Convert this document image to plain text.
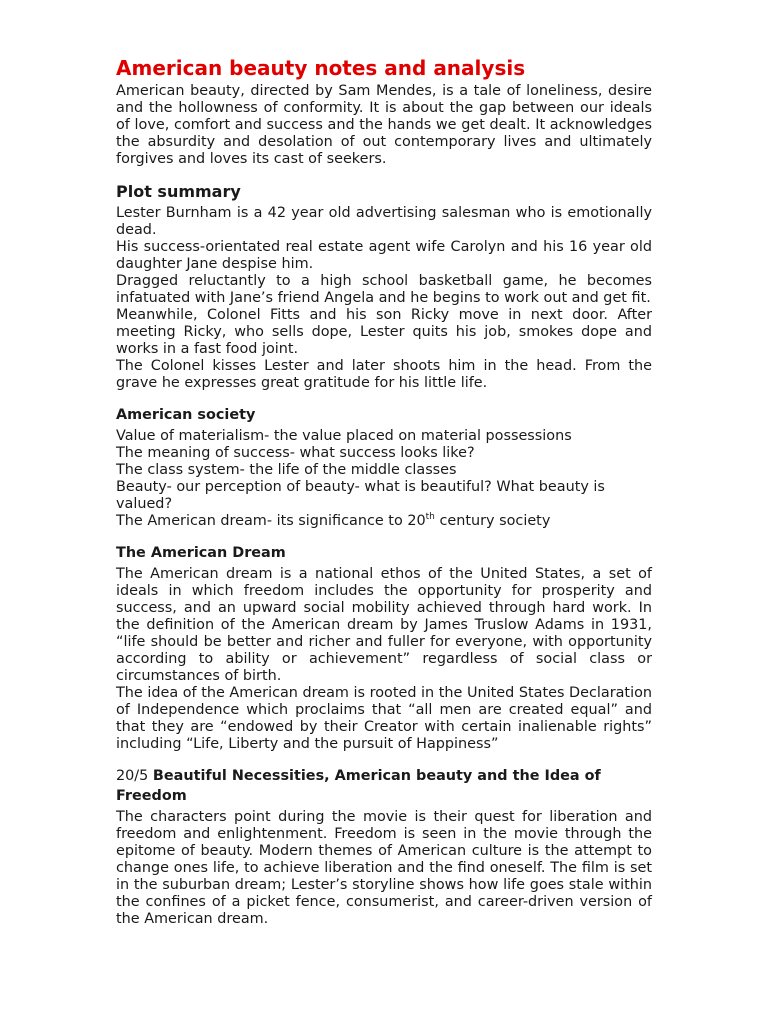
American beauty notes and analysis

American beauty, directed by Sam Mendes, is a tale of loneliness, desire and the hollowness of conformity. It is about the gap between our ideals of love, comfort and success and the hands we get dealt. It acknowledges the absurdity and desolation of out contemporary lives and ultimately forgives and loves its cast of seekers.

Plot summary

Lester Burnham is a 42 year old advertising salesman who is emotionally dead.

His success-orientated real estate agent wife Carolyn and his 16 year old daughter Jane despise him.

Dragged reluctantly to a high school basketball game, he becomes infatuated with Jane’s friend Angela and he begins to work out and get fit.

Meanwhile, Colonel Fitts and his son Ricky move in next door. After meeting Ricky, who sells dope, Lester quits his job, smokes dope and works in a fast food joint.

The Colonel kisses Lester and later shoots him in the head. From the grave he expresses great gratitude for his little life.

American society

Value of materialism- the value placed on material possessions

The meaning of success- what success looks like?

The class system- the life of the middle classes

Beauty- our perception of beauty- what is beautiful? What beauty is valued?

The American dream- its significance to 20th century society

The American Dream

The American dream is a national ethos of the United States, a set of ideals in which freedom includes the opportunity for prosperity and success, and an upward social mobility achieved through hard work. In the definition of the American dream by James Truslow Adams in 1931, “life should be better and richer and fuller for everyone, with opportunity according to ability or achievement” regardless of social class or circumstances of birth.

The idea of the American dream is rooted in the United States Declaration of Independence which proclaims that “all men are created equal” and that they are “endowed by their Creator with certain inalienable rights” including “Life, Liberty and the pursuit of Happiness”

20/5 Beautiful Necessities, American beauty and the Idea of Freedom

The characters point during the movie is their quest for liberation and freedom and enlightenment. Freedom is seen in the movie through the epitome of beauty. Modern themes of American culture is the attempt to change ones life, to achieve liberation and the find oneself. The film is set in the suburban dream; Lester’s storyline shows how life goes stale within the confines of a picket fence, consumerist, and career-driven version of the American dream.
